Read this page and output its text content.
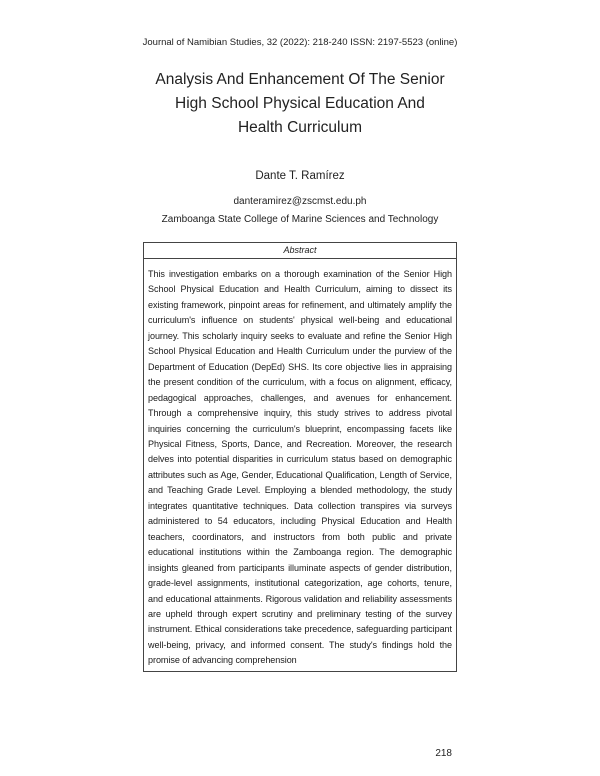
Journal of Namibian Studies, 32 (2022): 218-240 ISSN: 2197-5523 (online)
Analysis And Enhancement Of The Senior
High School Physical Education And
Health Curriculum
Dante T. Ramírez
danteramirez@zscmst.edu.ph
Zamboanga State College of Marine Sciences and Technology
Abstract
This investigation embarks on a thorough examination of the Senior High School Physical Education and Health Curriculum, aiming to dissect its existing framework, pinpoint areas for refinement, and ultimately amplify the curriculum's influence on students' physical well-being and educational journey. This scholarly inquiry seeks to evaluate and refine the Senior High School Physical Education and Health Curriculum under the purview of the Department of Education (DepEd) SHS. Its core objective lies in appraising the present condition of the curriculum, with a focus on alignment, efficacy, pedagogical approaches, challenges, and avenues for enhancement. Through a comprehensive inquiry, this study strives to address pivotal inquiries concerning the curriculum's blueprint, encompassing facets like Physical Fitness, Sports, Dance, and Recreation. Moreover, the research delves into potential disparities in curriculum status based on demographic attributes such as Age, Gender, Educational Qualification, Length of Service, and Teaching Grade Level. Employing a blended methodology, the study integrates quantitative techniques. Data collection transpires via surveys administered to 54 educators, including Physical Education and Health teachers, coordinators, and instructors from both public and private educational institutions within the Zamboanga region. The demographic insights gleaned from participants illuminate aspects of gender distribution, grade-level assignments, institutional categorization, age cohorts, tenure, and educational attainments. Rigorous validation and reliability assessments are upheld through expert scrutiny and preliminary testing of the survey instrument. Ethical considerations take precedence, safeguarding participant well-being, privacy, and informed consent. The study's findings hold the promise of advancing comprehension
218
